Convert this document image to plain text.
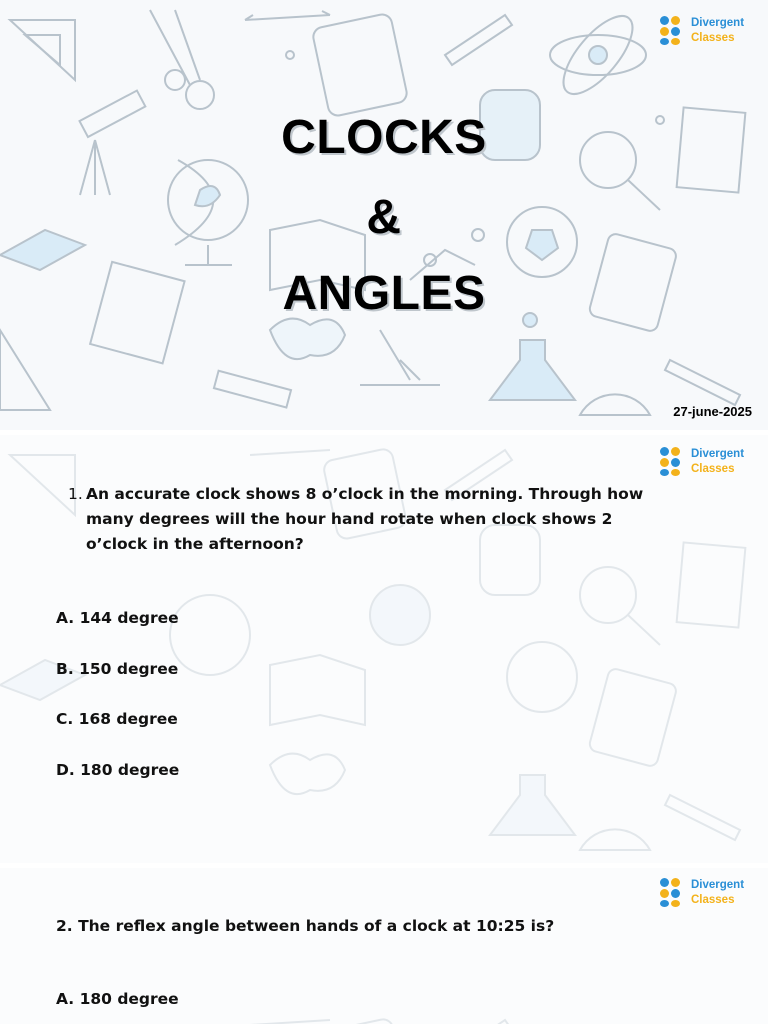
Divergent
Classes
CLOCKS
&
ANGLES
27-june-2025
Divergent
Classes
1. An accurate clock shows 8 o’clock in the morning. Through how many degrees will the hour hand rotate when clock shows 2 o’clock in the afternoon?
A. 144 degree
B. 150 degree
C. 168 degree
D. 180 degree
Divergent
Classes
2. The reflex angle between hands of a clock at 10:25 is?
A. 180 degree
